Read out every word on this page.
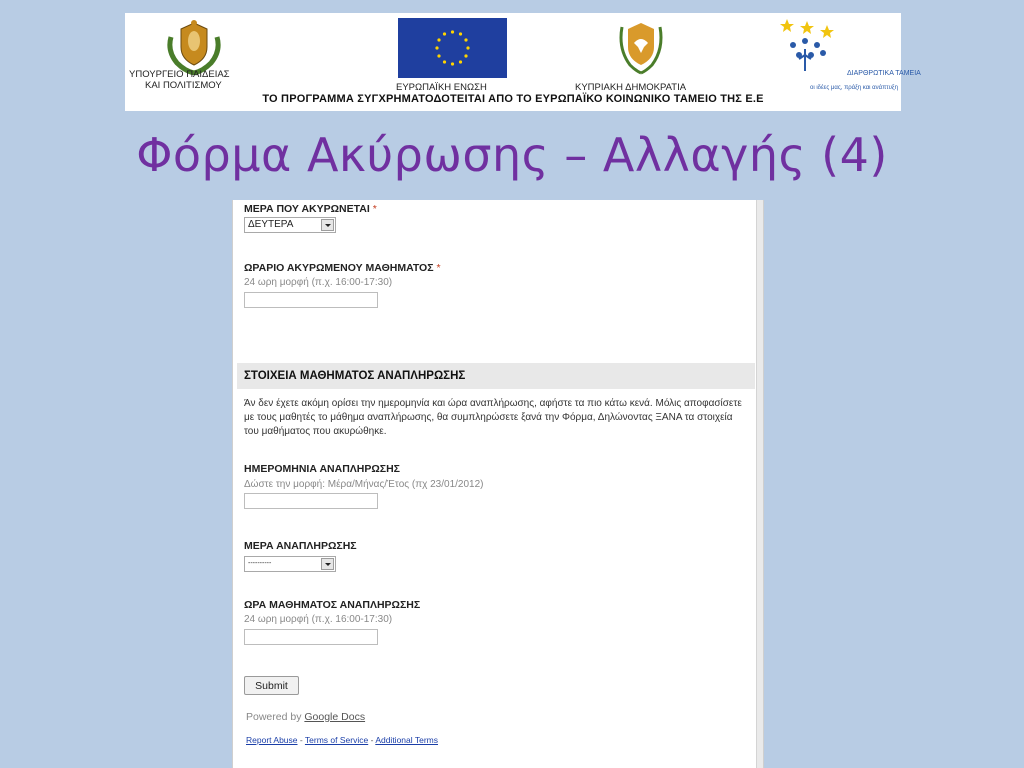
ΥΠΟΥΡΓΕΙΟ ΠΑΙΔΕΙΑΣ
ΚΑΙ ΠΟΛΙΤΙΣΜΟΥ	ΕΥΡΩΠΑΪΚΗ ΕΝΩΣΗ	ΚΥΠΡΙΑΚΗ ΔΗΜΟΚΡΑΤΙΑ
ΔΙΑΡΘΡΩΤΙΚΑ ΤΑΜΕΙΑ
οι ιδέες μας, πράξη και ανάπτυξη
ΤΟ ΠΡΟΓΡΑΜΜΑ ΣΥΓΧΡΗΜΑΤΟΔΟΤΕΙΤΑΙ ΑΠΟ ΤΟ ΕΥΡΩΠΑΪΚΟ ΚΟΙΝΩΝΙΚΟ ΤΑΜΕΙΟ ΤΗΣ Ε.Ε
Φόρμα Ακύρωσης – Αλλαγής (4)
ΜΕΡΑ ΠΟΥ ΑΚΥΡΩΝΕΤΑΙ *
ΔΕΥΤΕΡΑ
ΩΡΑΡΙΟ ΑΚΥΡΩΜΕΝΟΥ ΜΑΘΗΜΑΤΟΣ *
24 ωρη μορφή (π.χ. 16:00-17:30)
ΣΤΟΙΧΕΙΑ ΜΑΘΗΜΑΤΟΣ ΑΝΑΠΛΗΡΩΣΗΣ
Άν δεν έχετε ακόμη ορίσει την ημερομηνία και ώρα αναπλήρωσης, αφήστε τα πιο κάτω κενά. Μόλις αποφασίσετε με τους μαθητές το μάθημα αναπλήρωσης, θα συμπληρώσετε ξανά την Φόρμα, Δηλώνοντας ΞΑΝΑ τα στοιχεία του μαθήματος που ακυρώθηκε.
ΗΜΕΡΟΜΗΝΙΑ ΑΝΑΠΛΗΡΩΣΗΣ
Δώστε την μορφή: Μέρα/Μήνας/Έτος (πχ 23/01/2012)
ΜΕΡΑ ΑΝΑΠΛΗΡΩΣΗΣ
----------
ΩΡΑ ΜΑΘΗΜΑΤΟΣ ΑΝΑΠΛΗΡΩΣΗΣ
24 ωρη μορφή (π.χ. 16:00-17:30)
Submit
Powered by Google Docs
Report Abuse - Terms of Service - Additional Terms
